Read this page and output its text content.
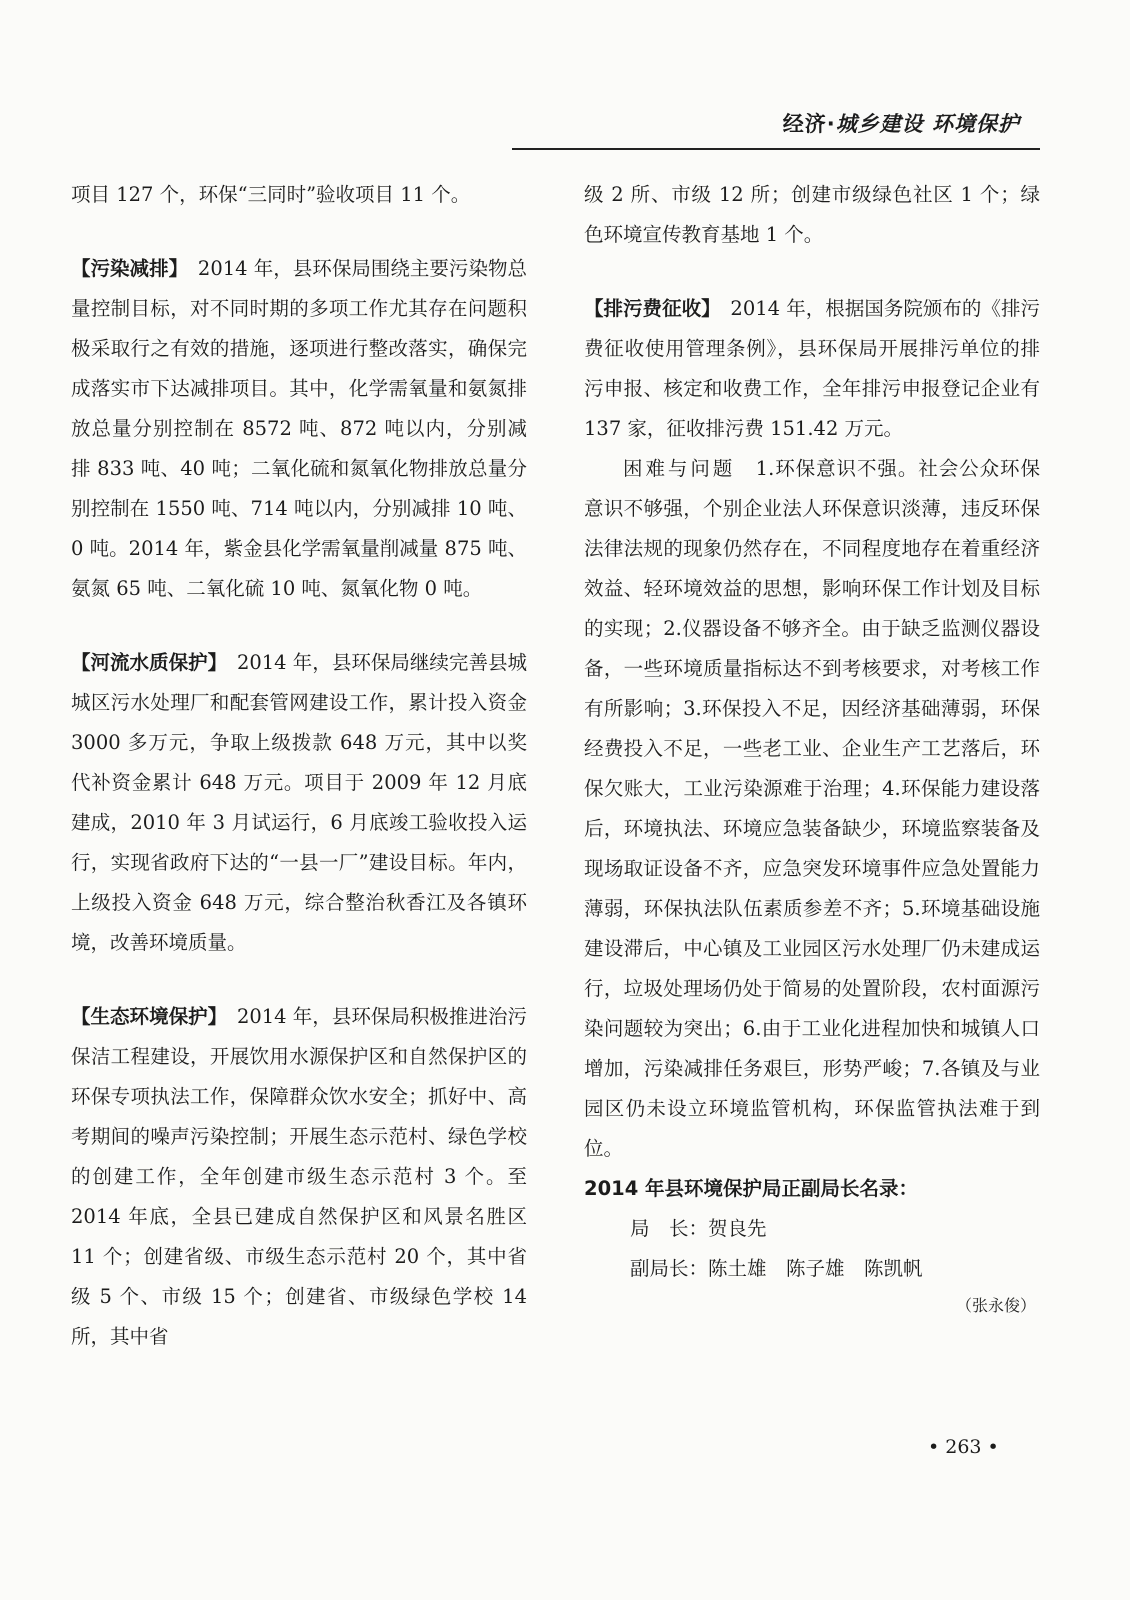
经济·城乡建设 环境保护

项目 127 个，环保“三同时”验收项目 11 个。

【污染减排】　 2014 年，县环保局围绕主要污染物总量控制目标，对不同时期的多项工作尤其存在问题积极采取行之有效的措施，逐项进行整改落实，确保完成落实市下达减排项目。其中，化学需氧量和氨氮排放总量分别控制在 8572 吨、872 吨以内，分别减排 833 吨、40 吨；二氧化硫和氮氧化物排放总量分别控制在 1550 吨、714 吨以内，分别减排 10 吨、0 吨。2014 年，紫金县化学需氧量削减量 875 吨、氨氮 65 吨、二氧化硫 10 吨、氮氧化物 0 吨。

【河流水质保护】　 2014 年，县环保局继续完善县城城区污水处理厂和配套管网建设工作，累计投入资金 3000 多万元，争取上级拨款 648 万元，其中以奖代补资金累计 648 万元。项目于 2009 年 12 月底建成，2010 年 3 月试运行，6 月底竣工验收投入运行，实现省政府下达的“一县一厂”建设目标。年内，上级投入资金 648 万元，综合整治秋香江及各镇环境，改善环境质量。

【生态环境保护】　 2014 年，县环保局积极推进治污保洁工程建设，开展饮用水源保护区和自然保护区的环保专项执法工作，保障群众饮水安全；抓好中、高考期间的噪声污染控制；开展生态示范村、绿色学校的创建工作，全年创建市级生态示范村 3 个。至 2014 年底，全县已建成自然保护区和风景名胜区 11 个；创建省级、市级生态示范村 20 个，其中省级 5 个、市级 15 个；创建省、市级绿色学校 14 所，其中省

级 2 所、市级 12 所；创建市级绿色社区 1 个；绿色环境宣传教育基地 1 个。

【排污费征收】　 2014 年，根据国务院颁布的《排污费征收使用管理条例》，县环保局开展排污单位的排污申报、核定和收费工作，全年排污申报登记企业有 137 家，征收排污费 151.42 万元。

困难与问题　 1.环保意识不强。社会公众环保意识不够强，个别企业法人环保意识淡薄，违反环保法律法规的现象仍然存在，不同程度地存在着重经济效益、轻环境效益的思想，影响环保工作计划及目标的实现；2.仪器设备不够齐全。由于缺乏监测仪器设备，一些环境质量指标达不到考核要求，对考核工作有所影响；3.环保投入不足，因经济基础薄弱，环保经费投入不足，一些老工业、企业生产工艺落后，环保欠账大，工业污染源难于治理；4.环保能力建设落后，环境执法、环境应急装备缺少，环境监察装备及现场取证设备不齐，应急突发环境事件应急处置能力薄弱，环保执法队伍素质参差不齐；5.环境基础设施建设滞后，中心镇及工业园区污水处理厂仍未建成运行，垃圾处理场仍处于简易的处置阶段，农村面源污染问题较为突出；6.由于工业化进程加快和城镇人口增加，污染减排任务艰巨，形势严峻；7.各镇及与业园区仍未设立环境监管机构，环保监管执法难于到位。

2014 年县环境保护局正副局长名录：

局　长：贺良先

副局长：陈土雄　陈子雄　陈凯帆

（张永俊）
• 263 •
